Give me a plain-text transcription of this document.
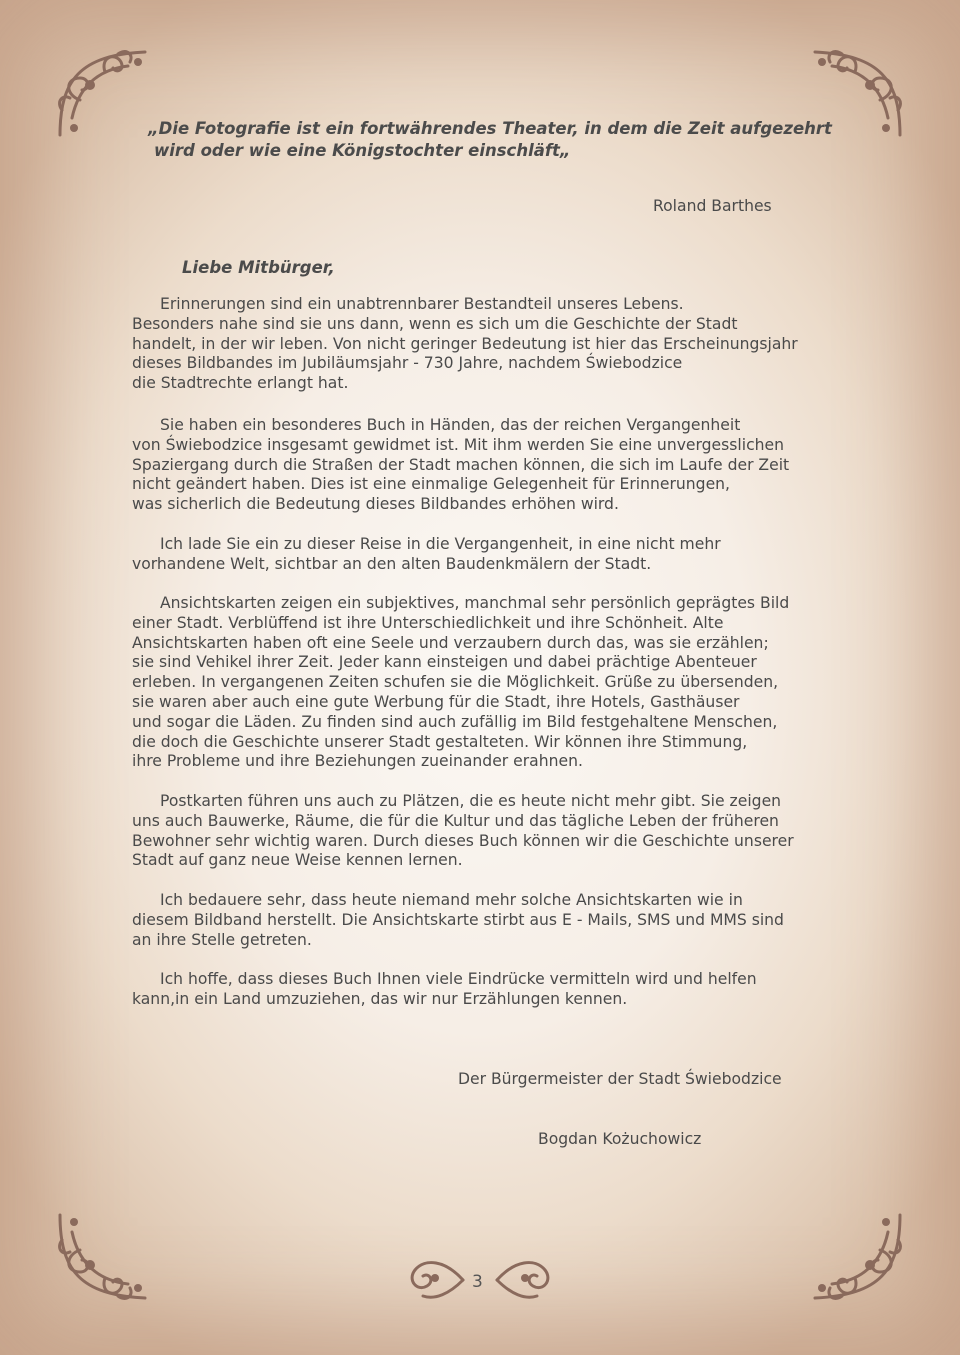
„Die Fotografie ist ein fortwährendes Theater, in dem die Zeit aufgezehrt
wird oder wie eine Königstochter einschläft„
Roland Barthes
Liebe Mitbürger,
Erinnerungen sind ein unabtrennbarer Bestandteil unseres Lebens.
Besonders nahe sind sie uns dann, wenn es sich um die Geschichte der Stadt
handelt, in der wir leben. Von nicht geringer Bedeutung ist hier das Erscheinungsjahr
dieses Bildbandes im Jubiläumsjahr - 730 Jahre, nachdem Świebodzice
die Stadtrechte erlangt hat.
Sie haben ein besonderes Buch in Händen, das der reichen Vergangenheit
von Świebodzice insgesamt gewidmet ist. Mit ihm werden Sie eine unvergesslichen
Spaziergang durch die Straßen der Stadt machen können, die sich im Laufe der Zeit
nicht geändert haben. Dies ist eine einmalige Gelegenheit für Erinnerungen,
was sicherlich die Bedeutung dieses Bildbandes erhöhen wird.
Ich lade Sie ein zu dieser Reise in die Vergangenheit, in eine nicht mehr
vorhandene Welt, sichtbar an den alten Baudenkmälern der Stadt.
Ansichtskarten zeigen ein subjektives, manchmal sehr persönlich geprägtes Bild
einer Stadt. Verblüffend ist ihre Unterschiedlichkeit und ihre Schönheit. Alte
Ansichtskarten haben oft eine Seele und verzaubern durch das, was sie erzählen;
sie sind Vehikel ihrer Zeit. Jeder kann einsteigen und dabei prächtige Abenteuer
erleben. In vergangenen Zeiten schufen sie die Möglichkeit. Grüße zu übersenden,
sie waren aber auch eine gute Werbung für die Stadt, ihre Hotels, Gasthäuser
und sogar die Läden. Zu finden sind auch zufällig im Bild festgehaltene Menschen,
die doch die Geschichte unserer Stadt gestalteten. Wir können ihre Stimmung,
ihre Probleme und ihre Beziehungen zueinander erahnen.
Postkarten führen uns auch zu Plätzen, die es heute nicht mehr gibt. Sie zeigen
uns auch Bauwerke, Räume, die für die Kultur und das tägliche Leben der früheren
Bewohner sehr wichtig waren. Durch dieses Buch können wir die Geschichte unserer
Stadt auf ganz neue Weise kennen lernen.
Ich bedauere sehr, dass heute niemand mehr solche Ansichtskarten wie in
diesem Bildband herstellt. Die Ansichtskarte stirbt aus E - Mails, SMS und MMS sind
an ihre Stelle getreten.
Ich hoffe, dass dieses Buch Ihnen viele Eindrücke vermitteln wird und helfen
kann,in ein Land umzuziehen, das wir nur Erzählungen kennen.
Der Bürgermeister der Stadt Świebodzice
Bogdan Kożuchowicz
3
